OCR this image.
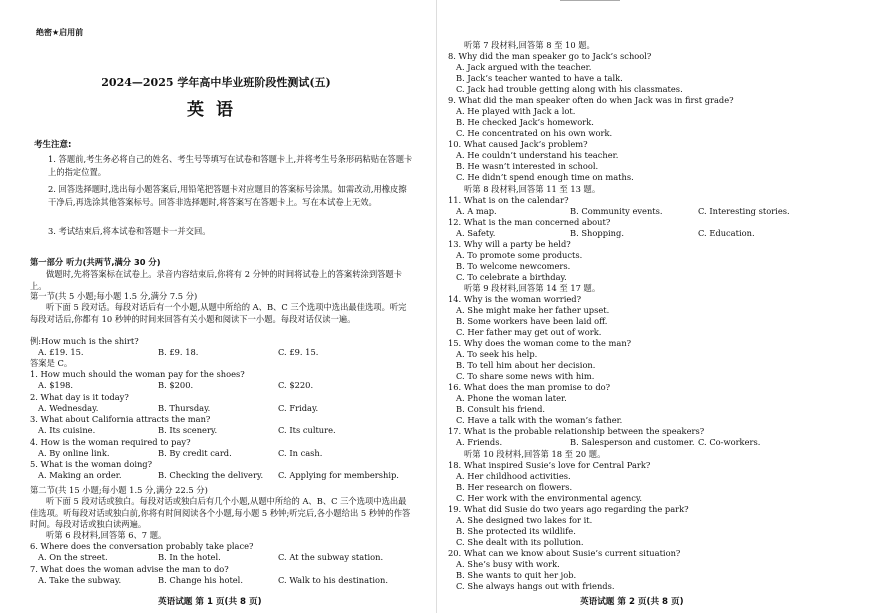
绝密★启用前
2024—2025 学年高中毕业班阶段性测试(五)
英语
考生注意:
1. 答题前,考生务必将自己的姓名、考生号等填写在试卷和答题卡上,并将考生号条形码粘贴在答题卡上的指定位置。
2. 回答选择题时,选出每小题答案后,用铅笔把答题卡对应题目的答案标号涂黑。如需改动,用橡皮擦干净后,再选涂其他答案标号。回答非选择题时,将答案写在答题卡上。写在本试卷上无效。
3. 考试结束后,将本试卷和答题卡一并交回。
第一部分 听力(共两节,满分 30 分)
做题时,先将答案标在试卷上。录音内容结束后,你将有 2 分钟的时间将试卷上的答案转涂到答题卡上。
第一节(共 5 小题;每小题 1.5 分,满分 7.5 分)
听下面 5 段对话。每段对话后有一个小题,从题中所给的 A、B、C 三个选项中选出最佳选项。听完每段对话后,你都有 10 秒钟的时间来回答有关小题和阅读下一小题。每段对话仅读一遍。
例:How much is the shirt?
A. £19. 15.	B. £9. 18.	C. £9. 15.
答案是 C。
1. How much should the woman pay for the shoes?
A. $198.	B. $200.	C. $220.
2. What day is it today?
A. Wednesday.	B. Thursday.	C. Friday.
3. What about California attracts the man?
A. Its cuisine.	B. Its scenery.	C. Its culture.
4. How is the woman required to pay?
A. By online link.	B. By credit card.	C. In cash.
5. What is the woman doing?
A. Making an order.	B. Checking the delivery. C. Applying for membership.
第二节(共 15 小题;每小题 1.5 分,满分 22.5 分)
听下面 5 段对话或独白。每段对话或独白后有几个小题,从题中所给的 A、B、C 三个选项中选出最佳选项。听每段对话或独白前,你将有时间阅读各个小题,每小题 5 秒钟;听完后,各小题给出 5 秒钟的作答时间。每段对话或独白读两遍。
听第 6 段材料,回答第 6、7 题。
6. Where does the conversation probably take place?
A. On the street.	B. In the hotel.	C. At the subway station.
7. What does the woman advise the man to do?
A. Take the subway.	B. Change his hotel.	C. Walk to his destination.
英语试题 第 1 页(共 8 页)
听第 7 段材料,回答第 8 至 10 题。
8. Why did the man speaker go to Jack’s school?
A. Jack argued with the teacher.
B. Jack’s teacher wanted to have a talk.
C. Jack had trouble getting along with his classmates.
9. What did the man speaker often do when Jack was in first grade?
A. He played with Jack a lot.
B. He checked Jack’s homework.
C. He concentrated on his own work.
10. What caused Jack’s problem?
A. He couldn’t understand his teacher.
B. He wasn’t interested in school.
C. He didn’t spend enough time on maths.
听第 8 段材料,回答第 11 至 13 题。
11. What is on the calendar?
A. A map.	B. Community events.	C. Interesting stories.
12. What is the man concerned about?
A. Safety.	B. Shopping.	C. Education.
13. Why will a party be held?
A. To promote some products.
B. To welcome newcomers.
C. To celebrate a birthday.
听第 9 段材料,回答第 14 至 17 题。
14. Why is the woman worried?
A. She might make her father upset.
B. Some workers have been laid off.
C. Her father may get out of work.
15. Why does the woman come to the man?
A. To seek his help.
B. To tell him about her decision.
C. To share some news with him.
16. What does the man promise to do?
A. Phone the woman later.
B. Consult his friend.
C. Have a talk with the woman’s father.
17. What is the probable relationship between the speakers?
A. Friends.	B. Salesperson and customer. C. Co-workers.
听第 10 段材料,回答第 18 至 20 题。
18. What inspired Susie’s love for Central Park?
A. Her childhood activities.
B. Her research on flowers.
C. Her work with the environmental agency.
19. What did Susie do two years ago regarding the park?
A. She designed two lakes for it.
B. She protected its wildlife.
C. She dealt with its pollution.
20. What can we know about Susie’s current situation?
A. She’s busy with work.
B. She wants to quit her job.
C. She always hangs out with friends.
英语试题 第 2 页(共 8 页)
